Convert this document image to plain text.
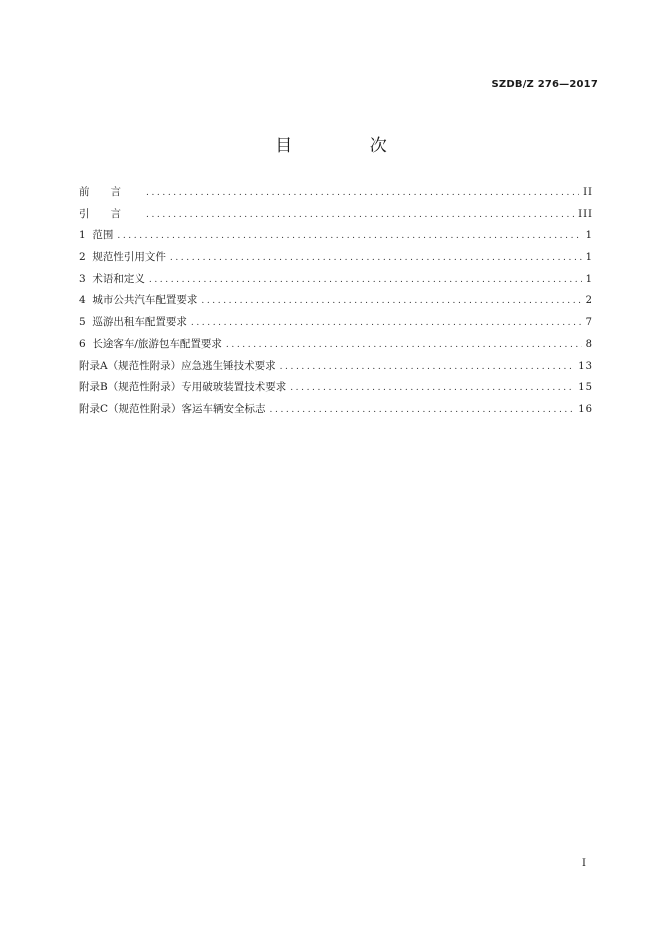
SZDB/Z 276—2017
目 次
前言 .....	II
引言 .....	III
1  范围 .....	1
2  规范性引用文件 .....	1
3  术语和定义 .....	1
4  城市公共汽车配置要求 .....	2
5  巡游出租车配置要求 .....	7
6  长途客车/旅游包车配置要求 .....	8
附录A（规范性附录）应急逃生锤技术要求 .....	13
附录B（规范性附录）专用破玻装置技术要求 .....	15
附录C（规范性附录）客运车辆安全标志 .....	16
I
